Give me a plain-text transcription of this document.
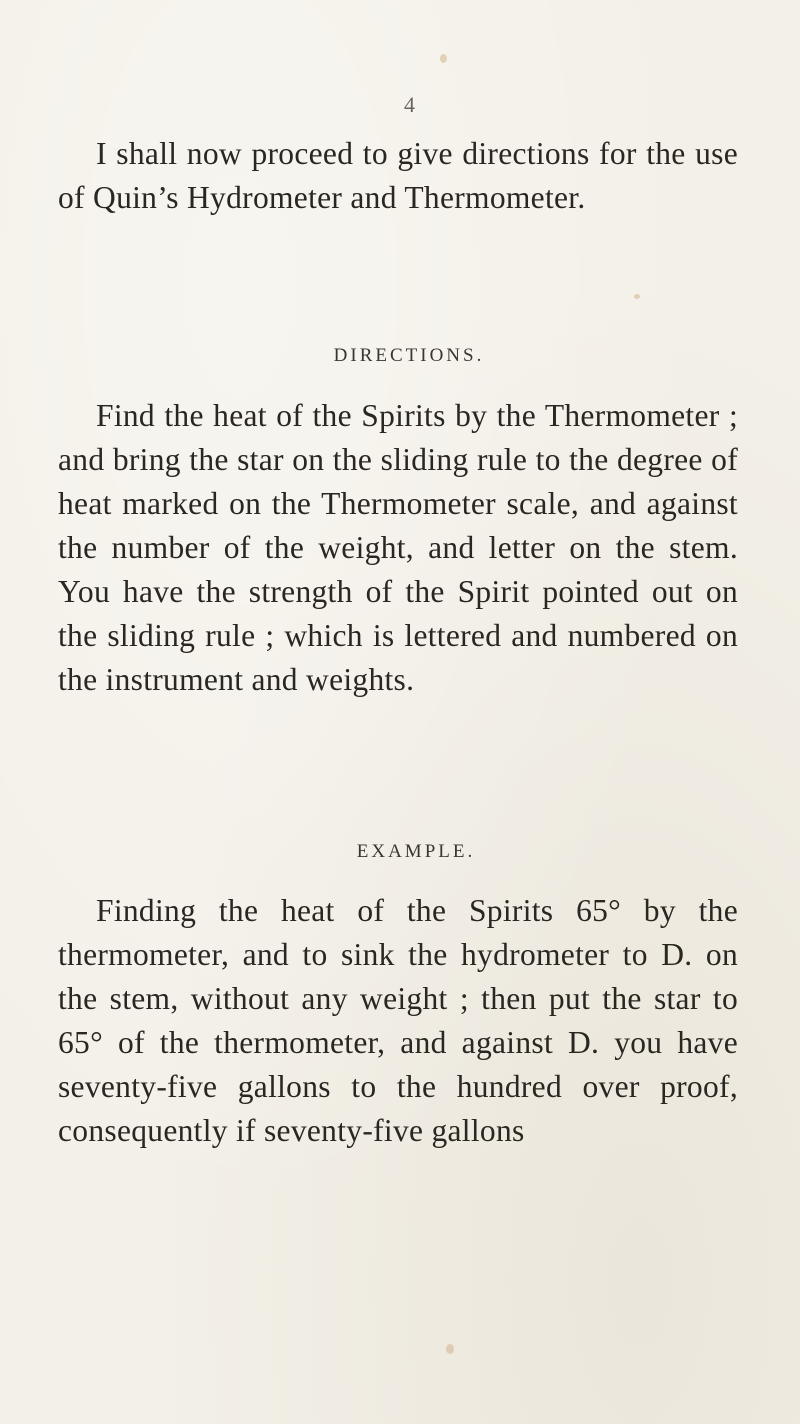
4

I shall now proceed to give directions for the use of Quin’s Hydrometer and Thermometer.

DIRECTIONS.

Find the heat of the Spirits by the Thermometer ; and bring the star on the sliding rule to the degree of heat marked on the Thermometer scale, and against the number of the weight, and letter on the stem. You have the strength of the Spirit pointed out on the sliding rule ; which is lettered and numbered on the instrument and weights.

EXAMPLE.

Finding the heat of the Spirits 65° by the thermometer, and to sink the hydrometer to D. on the stem, without any weight ; then put the star to 65° of the thermometer, and against D. you have seventy-five gallons to the hundred over proof, consequently if seventy-five gallons
